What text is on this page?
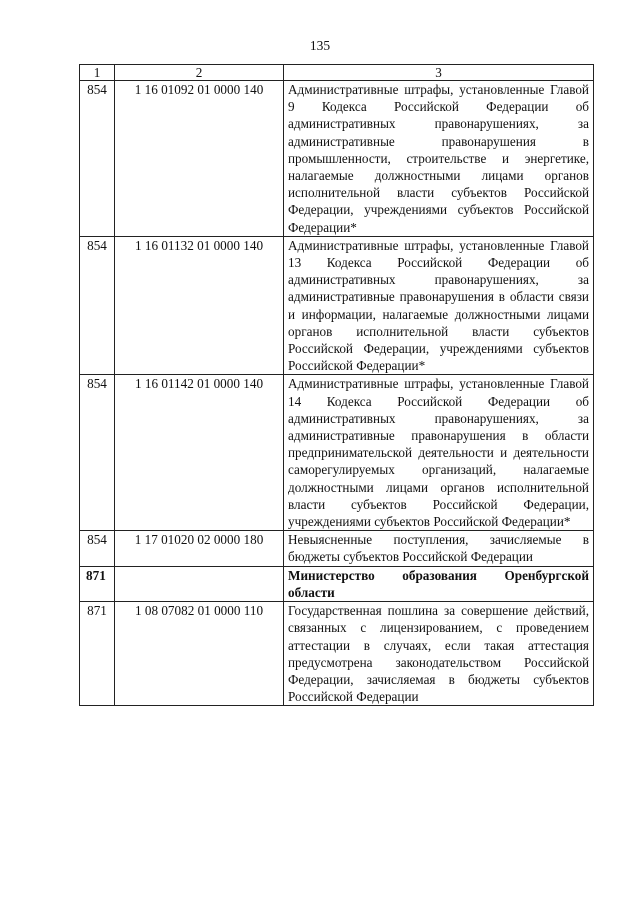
135
1	2	3
854	1 16 01092 01 0000 140	Административные штрафы, установленные Главой 9 Кодекса Российской Федерации об административных правонарушениях, за административные правонарушения в промышленности, строительстве и энергетике, налагаемые должностными лицами органов исполнительной власти субъектов Российской Федерации, учреждениями субъектов Российской Федерации*
854	1 16 01132 01 0000 140	Административные штрафы, установленные Главой 13 Кодекса Российской Федерации об административных правонарушениях, за административные правонарушения в области связи и информации, налагаемые должностными лицами органов исполнительной власти субъектов Российской Федерации, учреждениями субъектов Российской Федерации*
854	1 16 01142 01 0000 140	Административные штрафы, установленные Главой 14 Кодекса Российской Федерации об административных правонарушениях, за административные правонарушения в области предпринимательской деятельности и деятельности саморегулируемых организаций, налагаемые должностными лицами органов исполнительной власти субъектов Российской Федерации, учреждениями субъектов Российской Федерации*
854	1 17 01020 02 0000 180	Невыясненные поступления, зачисляемые в бюджеты субъектов Российской Федерации
871		Министерство образования Оренбургской области
871	1 08 07082 01 0000 110	Государственная пошлина за совершение действий, связанных с лицензированием, с проведением аттестации в случаях, если такая аттестация предусмотрена законодательством Российской Федерации, зачисляемая в бюджеты субъектов Российской Федерации
